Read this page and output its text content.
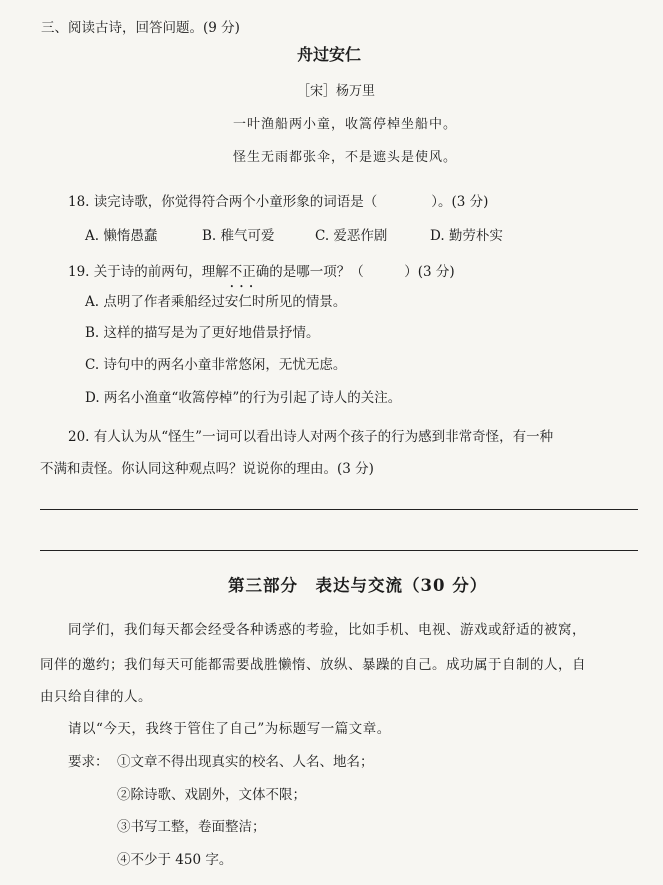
三、阅读古诗，回答问题。(9 分)
舟过安仁
［宋］杨万里
一叶渔船两小童，收篙停棹坐船中。
怪生无雨都张伞，不是遮头是使风。
18. 读完诗歌，你觉得符合两个小童形象的词语是（　　　　）。(3 分)
A. 懒惰愚蠢	B. 稚气可爱	C. 爱恶作剧	D. 勤劳朴实
19. 关于诗的前两句，理解不正确 • • •的是哪一项？（　　　）(3 分)
A. 点明了作者乘船经过安仁时所见的情景。
B. 这样的描写是为了更好地借景抒情。
C. 诗句中的两名小童非常悠闲，无忧无虑。
D. 两名小渔童“收篙停棹”的行为引起了诗人的关注。
20. 有人认为从“怪生”一词可以看出诗人对两个孩子的行为感到非常奇怪，有一种
不满和责怪。你认同这种观点吗？说说你的理由。(3 分)
第三部分　表达与交流（30 分）
同学们，我们每天都会经受各种诱惑的考验，比如手机、电视、游戏或舒适的被窝，
同伴的邀约；我们每天可能都需要战胜懒惰、放纵、暴躁的自己。成功属于自制的人，自
由只给自律的人。
请以“今天，我终于管住了自己”为标题写一篇文章。
要求： ①文章不得出现真实的校名、人名、地名；
②除诗歌、戏剧外，文体不限；
③书写工整，卷面整洁；
④不少于 450 字。
